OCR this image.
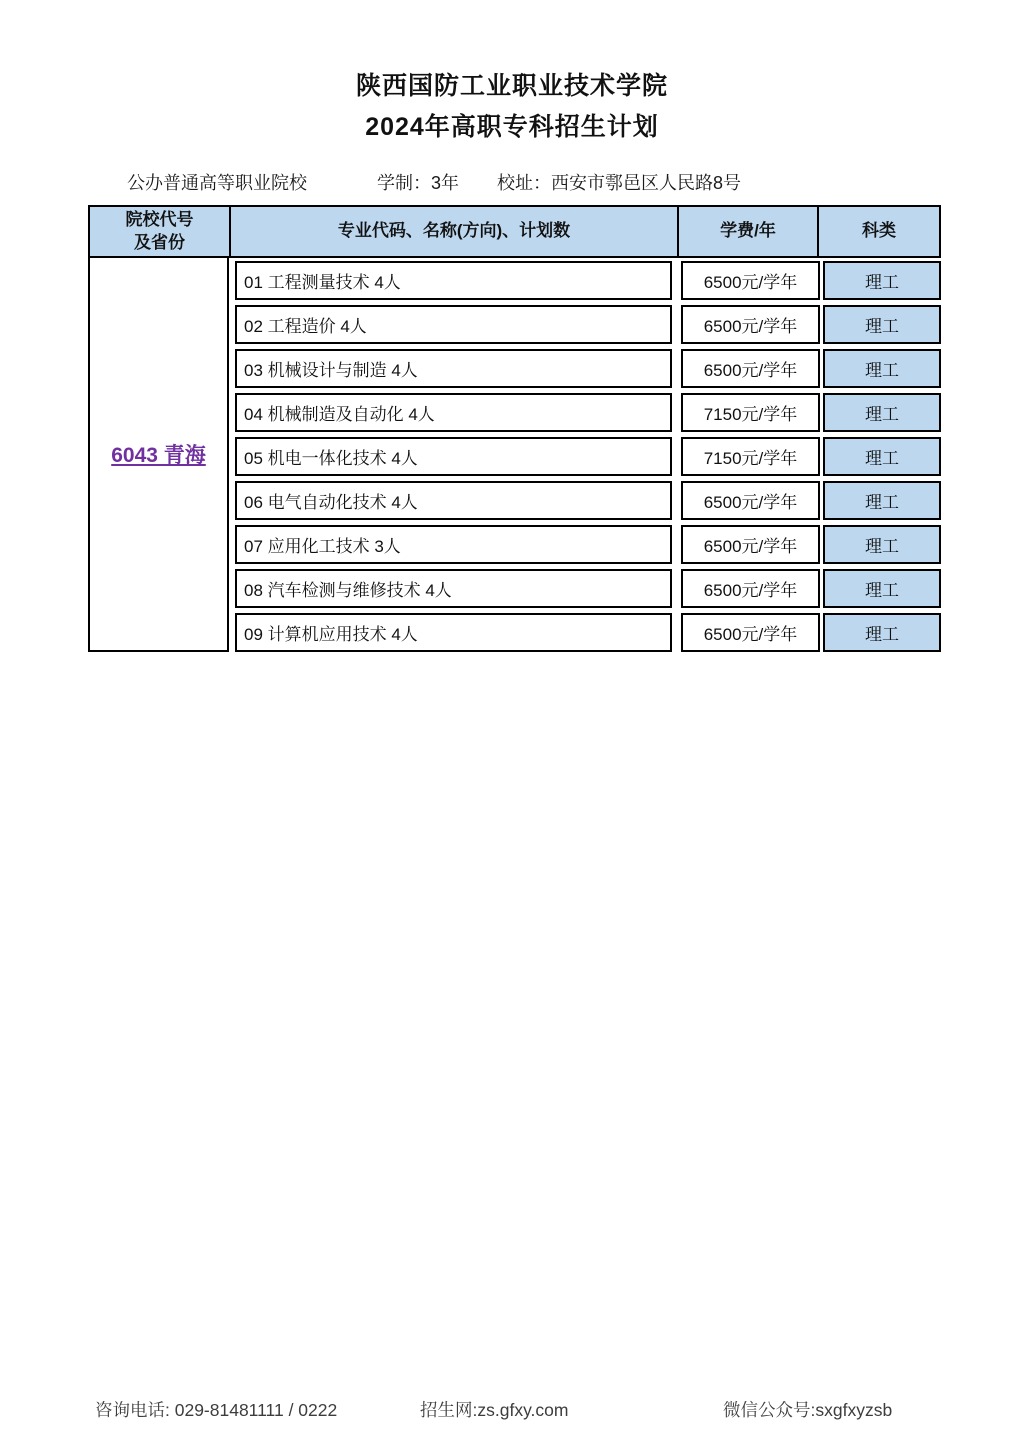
陕西国防工业职业技术学院
2024年高职专科招生计划
公办普通高等职业院校	学制：3年 校址：西安市鄠邑区人民路8号
院校代号
及省份
专业代码、名称(方向)、计划数	学费/年	科类
6043 青海
01 工程测量技术 4人	6500元/学年	理工
02 工程造价 4人	6500元/学年	理工
03 机械设计与制造 4人	6500元/学年	理工
04 机械制造及自动化 4人	7150元/学年	理工
05 机电一体化技术 4人	7150元/学年	理工
06 电气自动化技术 4人	6500元/学年	理工
07 应用化工技术 3人	6500元/学年	理工
08 汽车检测与维修技术 4人	6500元/学年	理工
09 计算机应用技术 4人	6500元/学年	理工
咨询电话: 029-81481111 / 0222	招生网:zs.gfxy.com	微信公众号:sxgfxyzsb
